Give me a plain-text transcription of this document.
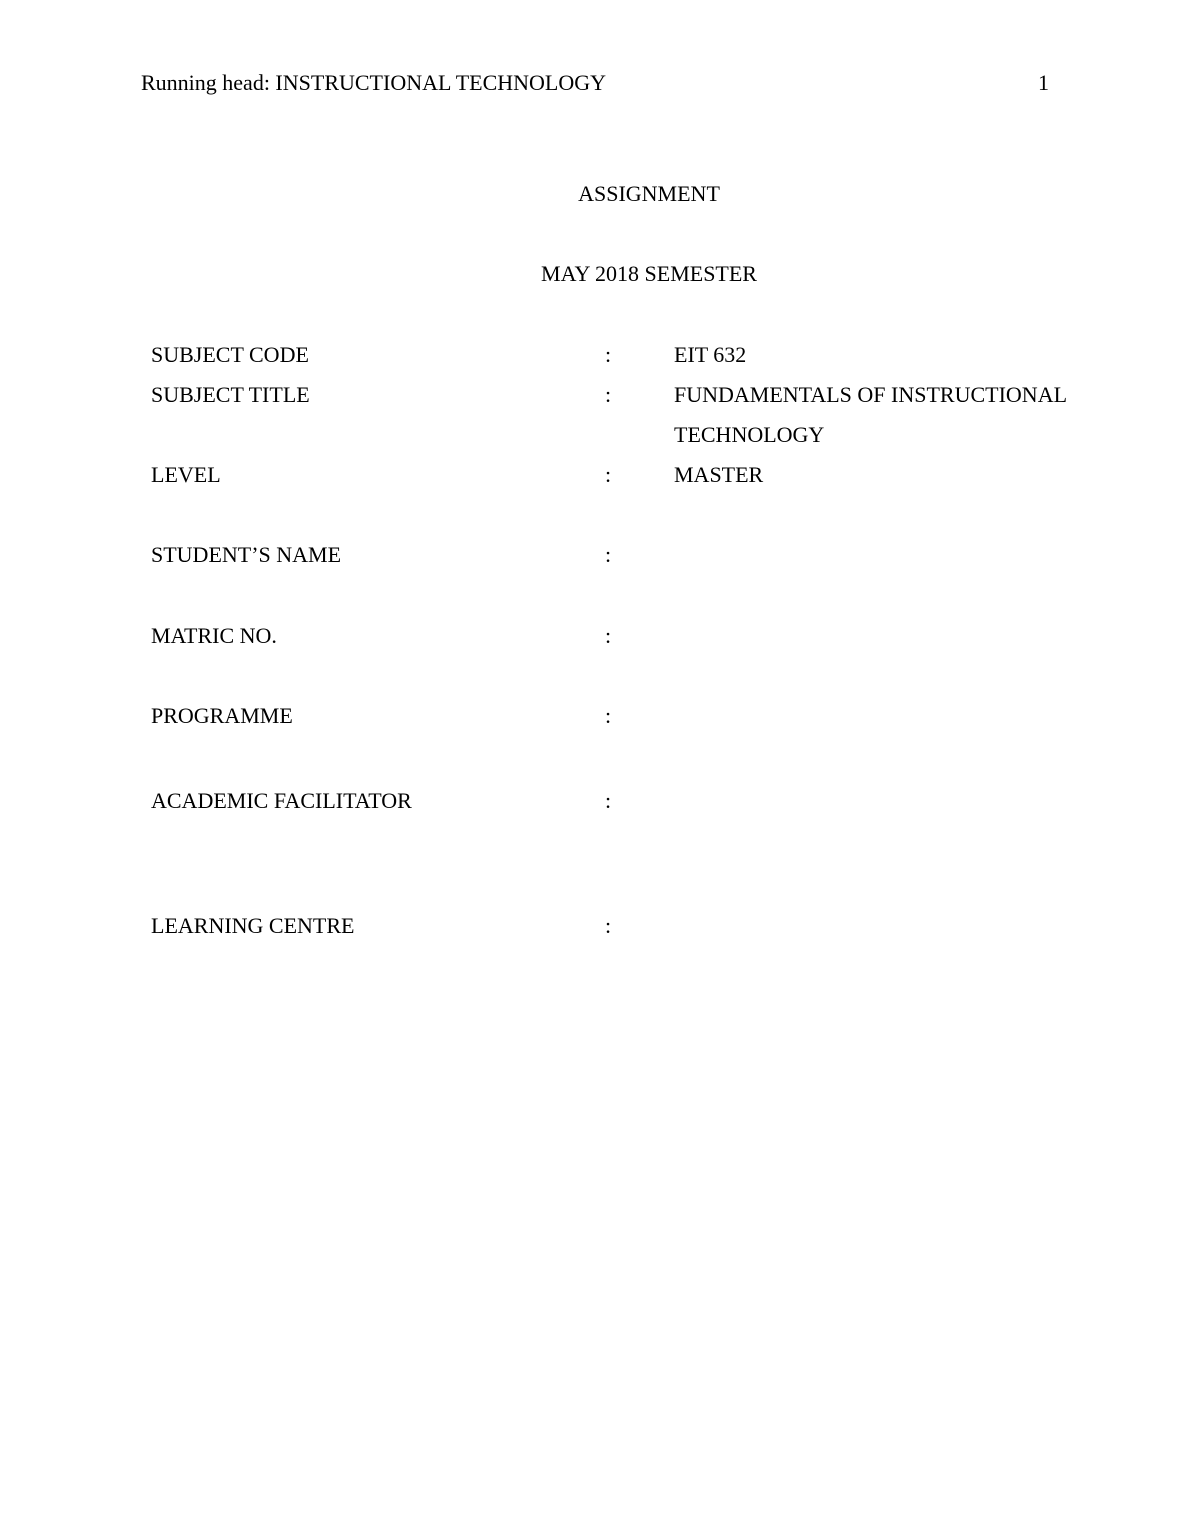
Running head: INSTRUCTIONAL TECHNOLOGY	1
ASSIGNMENT
MAY 2018 SEMESTER
SUBJECT CODE	:	EIT 632
SUBJECT TITLE	:	FUNDAMENTALS OF INSTRUCTIONAL
TECHNOLOGY
LEVEL	:	MASTER
STUDENT’S NAME	:
MATRIC NO.	:
PROGRAMME	:
ACADEMIC FACILITATOR	:
LEARNING CENTRE	:
